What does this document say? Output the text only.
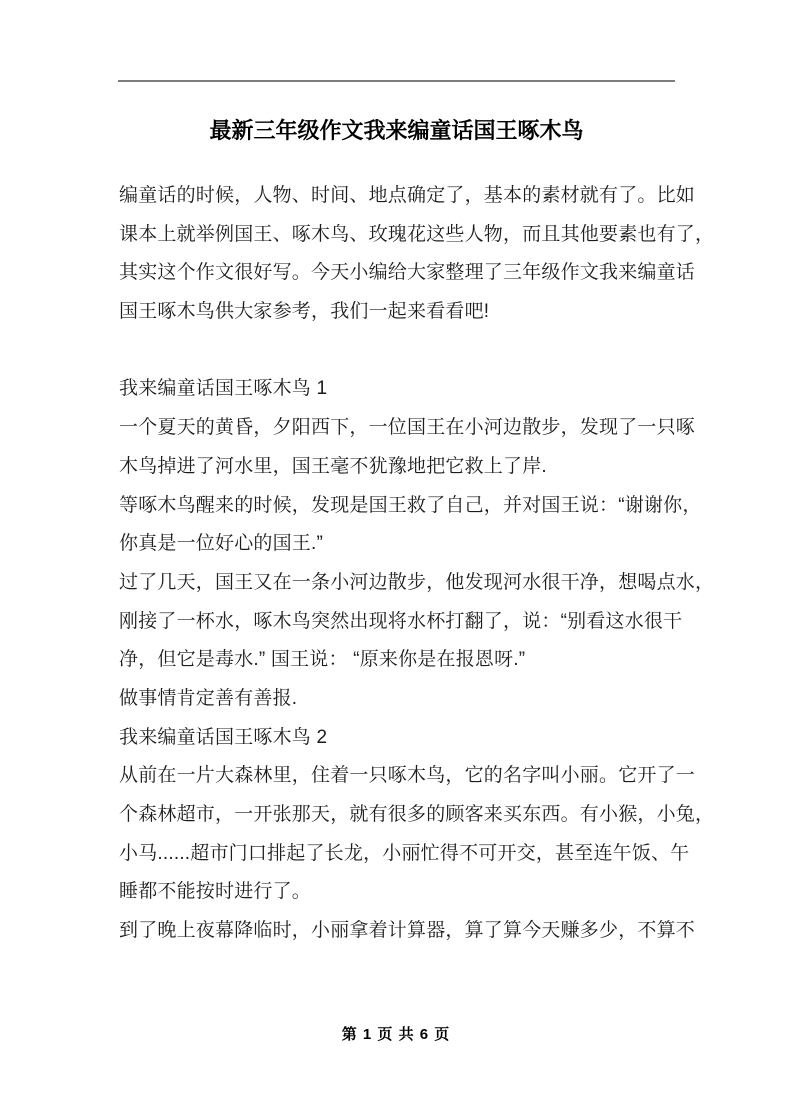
最新三年级作文我来编童话国王啄木鸟
编童话的时候，人物、时间、地点确定了，基本的素材就有了。比如
课本上就举例国王、啄木鸟、玫瑰花这些人物，而且其他要素也有了，
其实这个作文很好写。今天小编给大家整理了三年级作文我来编童话
国王啄木鸟供大家参考，我们一起来看看吧!
我来编童话国王啄木鸟 1
一个夏天的黄昏，夕阳西下，一位国王在小河边散步，发现了一只啄
木鸟掉进了河水里，国王毫不犹豫地把它救上了岸.
等啄木鸟醒来的时候，发现是国王救了自己，并对国王说：“谢谢你，
你真是一位好心的国王.”
过了几天，国王又在一条小河边散步，他发现河水很干净，想喝点水，
刚接了一杯水，啄木鸟突然出现将水杯打翻了，说：“别看这水很干
净，但它是毒水.” 国王说： “原来你是在报恩呀.”
做事情肯定善有善报.
我来编童话国王啄木鸟 2
从前在一片大森林里，住着一只啄木鸟，它的名字叫小丽。它开了一
个森林超市，一开张那天，就有很多的顾客来买东西。有小猴，小兔，
小马......超市门口排起了长龙，小丽忙得不可开交，甚至连午饭、午
睡都不能按时进行了。
到了晚上夜幕降临时，小丽拿着计算器，算了算今天赚多少，不算不
第 1 页 共 6 页
